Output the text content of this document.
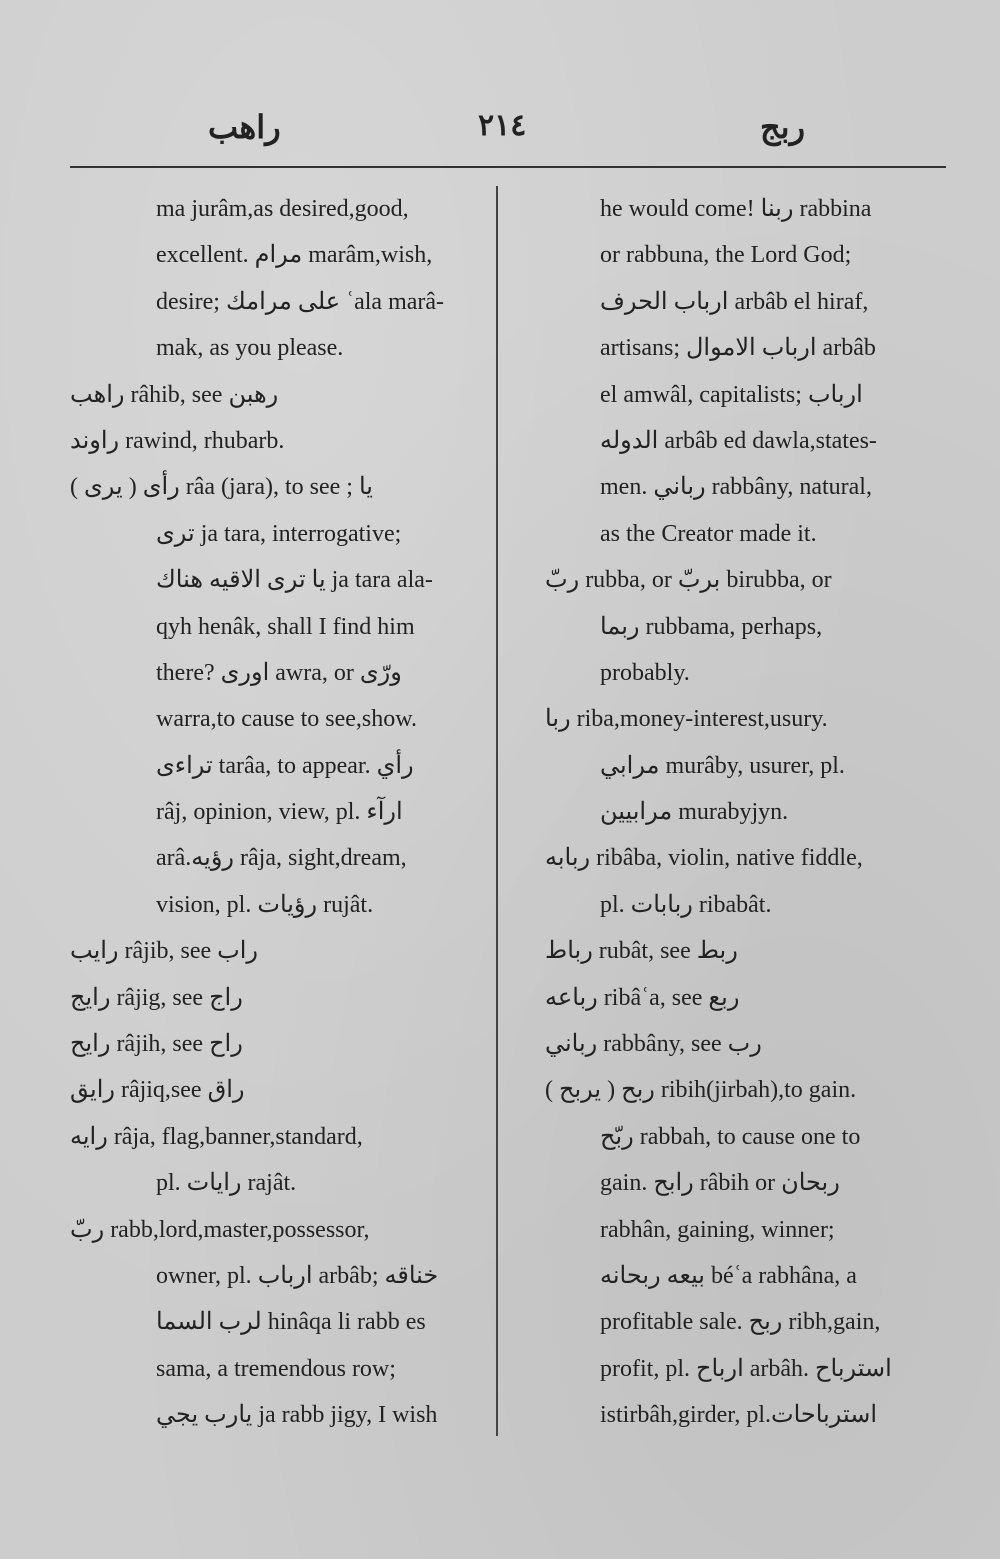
راهب	٢١٤	ربج
ma jurâm,as desired,good,
excellent. مرام marâm,wish,
desire; على مرامك ʿala marâ-
mak, as you please.
راهب râhib, see رهبن
راوند rawind, rhubarb.
رأى ( يرى ) râa (jara), to see ; يا
ترى ja tara, interrogative;
يا ترى الاقيه هناك ja tara ala-
qyh henâk, shall I find him
there? اورى awra, or ورّى
warra,to cause to see,show.
تراءى tarâa, to appear. رأي
râj, opinion, view, pl. ارآء
arâ.رؤيه râja, sight,dream,
vision, pl. رؤيات rujât.
رايب râjib, see راب
رايج râjig, see راج
رايح râjih, see راح
رايق râjiq,see راق
رايه râja, flag,banner,standard,
pl. رايات rajât.
ربّ rabb,lord,master,possessor,
owner, pl. ارباب arbâb; خناقه
لرب السما hinâqa li rabb es
sama, a tremendous row;
يارب يجي ja rabb jigy, I wish
he would come! ربنا rabbina
or rabbuna, the Lord God;
ارباب الحرف arbâb el hiraf,
artisans; ارباب الاموال arbâb
el amwâl, capitalists; ارباب
الدوله arbâb ed dawla,states-
men. رباني rabbâny, natural,
as the Creator made it.
ربّ rubba, or بربّ birubba, or
ربما rubbama, perhaps,
probably.
ربا riba,money-interest,usury.
مرابي murâby, usurer, pl.
مرابيين murabyjyn.
ربابه ribâba, violin, native fiddle,
pl. ربابات ribabât.
رباط rubât, see ربط
رباعه ribâʿa, see ربع
رباني rabbâny, see رب
ربح ( يربح ) ribih(jirbah),to gain.
ربّح rabbah, to cause one to
gain. رابح râbih or ربحان
rabhân, gaining, winner;
بيعه ربحانه béʿa rabhâna, a
profitable sale. ربح ribh,gain,
profit, pl. ارباح arbâh. استرباح
istirbâh,girder, pl.استرباحات
